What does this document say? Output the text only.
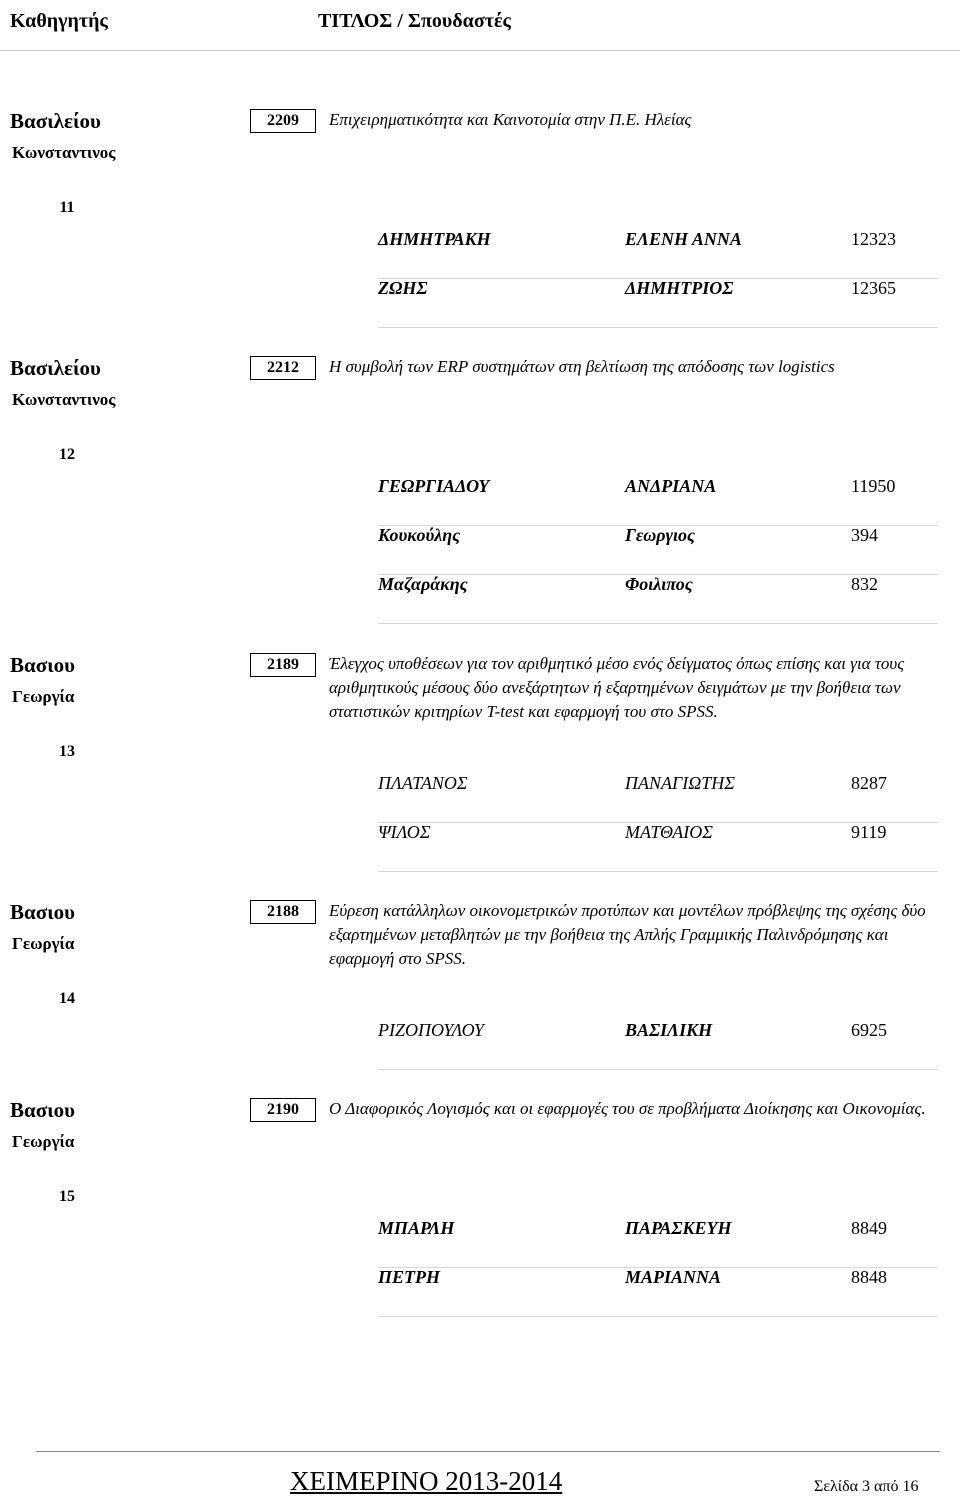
Καθηγητής	ΤΙΤΛΟΣ / Σπουδαστές
Βασιλείου
Κωνσταντινος
11
2209	Επιχειρηματικότητα και Καινοτομία στην Π.Ε. Ηλείας
ΔΗΜΗΤΡΑΚΗ	ΕΛΕΝΗ ΑΝΝΑ	12323
ΖΩΗΣ	ΔΗΜΗΤΡΙΟΣ	12365
Βασιλείου
Κωνσταντινος
12
2212	Η συμβολή των ERP συστημάτων στη βελτίωση της απόδοσης των logistics
ΓΕΩΡΓΙΑΔΟΥ	ΑΝΔΡΙΑΝΑ	11950
Κουκούλης	Γεωργιος	394
Μαζαράκης	Φοιλιπος	832
Βασιου
Γεωργία
13
2189	Έλεγχος υποθέσεων για τον αριθμητικό μέσο ενός δείγματος όπως επίσης και για τους αριθμητικούς μέσους δύο ανεξάρτητων ή εξαρτημένων δειγμάτων με την βοήθεια των στατιστικών κριτηρίων T-test και εφαρμογή του στο SPSS.
ΠΛΑΤΑΝΟΣ	ΠΑΝΑΓΙΩΤΗΣ	8287
ΨΙΛΟΣ	ΜΑΤΘΑΙΟΣ	9119
Βασιου
Γεωργία
14
2188	Εύρεση κατάλληλων οικονομετρικών προτύπων και μοντέλων πρόβλεψης της σχέσης δύο εξαρτημένων μεταβλητών με την βοήθεια της Απλής Γραμμικής Παλινδρόμησης και εφαρμογή στο SPSS.
ΡΙΖΟΠΟΥΛΟΥ	ΒΑΣΙΛΙΚΗ	6925
Βασιου
Γεωργία
15
2190	Ο Διαφορικός Λογισμός και οι εφαρμογές του σε προβλήματα Διοίκησης και Οικονομίας.
ΜΠΑΡΛΗ	ΠΑΡΑΣΚΕΥΗ	8849
ΠΕΤΡΗ	ΜΑΡΙΑΝΝΑ	8848
ΧΕΙΜΕΡΙΝΟ 2013-2014	Σελίδα 3 από 16
